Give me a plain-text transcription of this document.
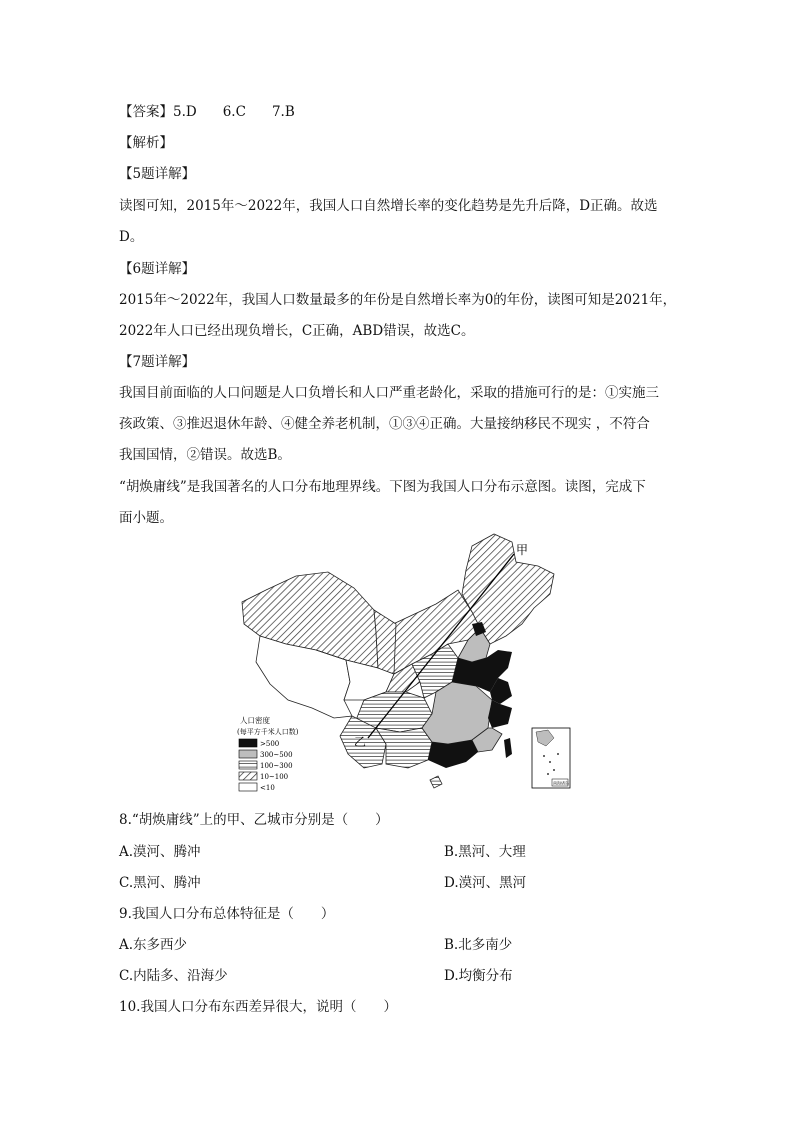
【答案】5.D 6.C 7.B
【解析】
【5题详解】
读图可知，2015年～2022年，我国人口自然增长率的变化趋势是先升后降，D正确。故选
D。
【6题详解】
2015年～2022年，我国人口数量最多的年份是自然增长率为0的年份，读图可知是2021年，
2022年人口已经出现负增长，C正确，ABD错误，故选C。
【7题详解】
我国目前面临的人口问题是人口负增长和人口严重老龄化，采取的措施可行的是：①实施三
孩政策、③推迟退休年龄、④健全养老机制，①③④正确。大量接纳移民不现实 ，不符合
我国国情，②错误。故选B。
“胡焕庸线”是我国著名的人口分布地理界线。下图为我国人口分布示意图。读图，完成下
面小题。
甲
乙
人口密度
(每平方千米人口数)
>500
300~500
100~300
10~100
<10
南海诸岛
8.“胡焕庸线”上的甲、乙城市分别是（　　）
A.漠河、腾冲	B.黑河、大理
C.黑河、腾冲	D.漠河、黑河
9.我国人口分布总体特征是（　　）
A.东多西少	B.北多南少
C.内陆多、沿海少	D.均衡分布
10.我国人口分布东西差异很大，说明（　　）
